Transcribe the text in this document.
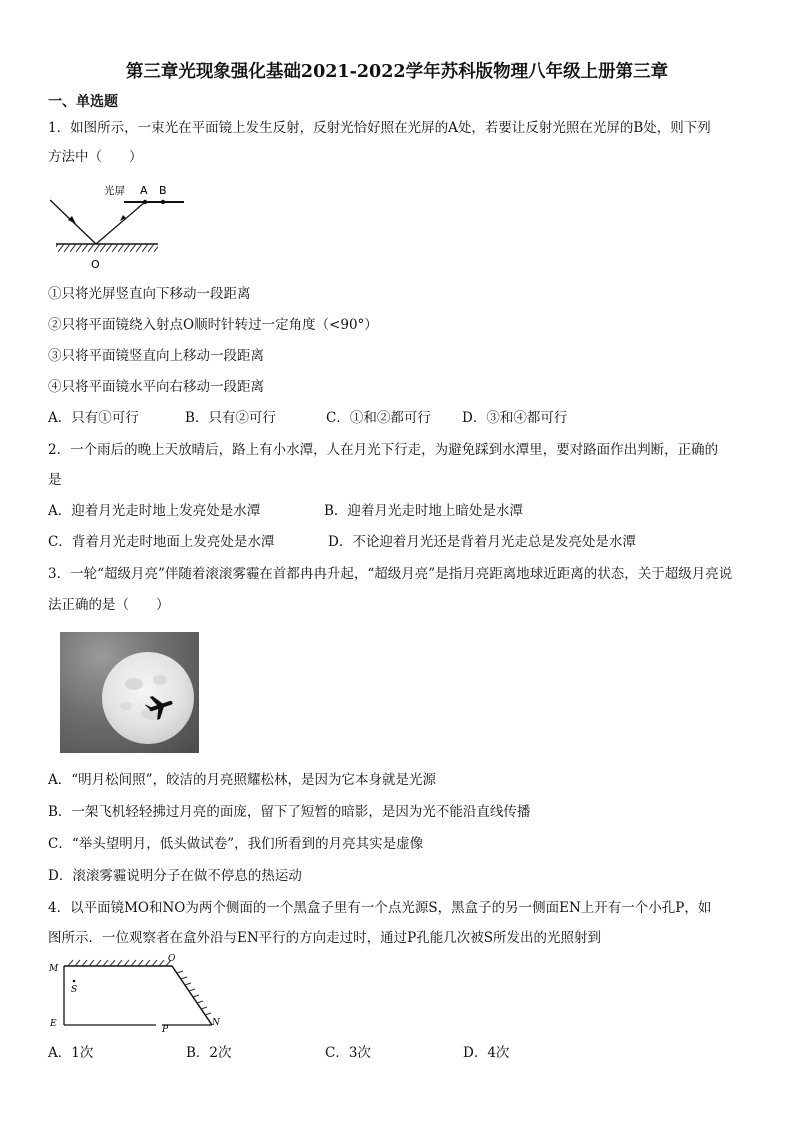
第三章光现象强化基础2021-2022学年苏科版物理八年级上册第三章
一、单选题
1．如图所示，一束光在平面镜上发生反射，反射光恰好照在光屏的A处，若要让反射光照在光屏的B处，则下列
方法中（　　）
光屏 A B
O
①只将光屏竖直向下移动一段距离
②只将平面镜绕入射点O顺时针转过一定角度（<90°）
③只将平面镜竖直向上移动一段距离
④只将平面镜水平向右移动一段距离
A．只有①可行	B．只有②可行	C．①和②都可行 D．③和④都可行
2．一个雨后的晚上天放晴后，路上有小水潭，人在月光下行走，为避免踩到水潭里，要对路面作出判断，正确的
是
A．迎着月光走时地上发亮处是水潭	B．迎着月光走时地上暗处是水潭
C．背着月光走时地面上发亮处是水潭	D．不论迎着月光还是背着月光走总是发亮处是水潭
3．一轮“超级月亮”伴随着滚滚雾霾在首都冉冉升起，“超级月亮”是指月亮距离地球近距离的状态，关于超级月亮说
法正确的是（　　）
A．“明月松间照”，皎洁的月亮照耀松林，是因为它本身就是光源
B．一架飞机轻轻拂过月亮的面庞，留下了短暂的暗影，是因为光不能沿直线传播
C．“举头望明月，低头做试卷”，我们所看到的月亮其实是虚像
D．滚滚雾霾说明分子在做不停息的热运动
4．以平面镜MO和NO为两个侧面的一个黑盒子里有一个点光源S，黑盒子的另一侧面EN上开有一个小孔P，如
图所示．一位观察者在盒外沿与EN平行的方向走过时，通过P孔能几次被S所发出的光照射到
M
O
S
E
P
N
A．1次	B．2次	C．3次	D．4次
